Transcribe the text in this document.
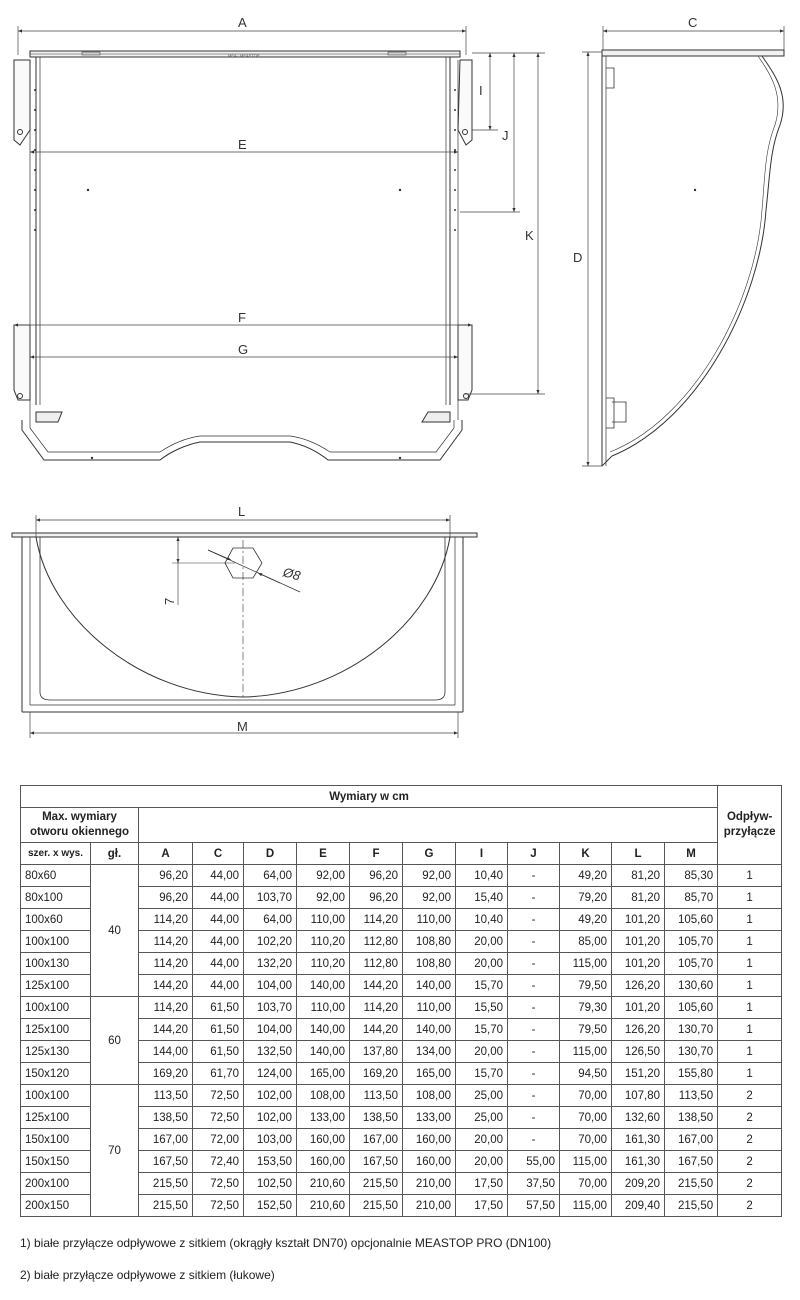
MEA · MEASTOP
A
E
F
G
I
J
K
C
D
L
M
7
Ø8
Wymiary w cm													Odpływ-przyłącze
Max. wymiary otworu okiennego													
szer. x wys.	gł.	A	C	D	E	F	G	I	J	K	L	M	
80x60	40	96,20	44,00	64,00	92,00	96,20	92,00	10,40	-	49,20	81,20	85,30	1
80x100		96,20	44,00	103,70	92,00	96,20	92,00	15,40	-	79,20	81,20	85,70	1
100x60		114,20	44,00	64,00	110,00	114,20	110,00	10,40	-	49,20	101,20	105,60	1
100x100		114,20	44,00	102,20	110,20	112,80	108,80	20,00	-	85,00	101,20	105,70	1
100x130		114,20	44,00	132,20	110,20	112,80	108,80	20,00	-	115,00	101,20	105,70	1
125x100		144,20	44,00	104,00	140,00	144,20	140,00	15,70	-	79,50	126,20	130,60	1
100x100	60	114,20	61,50	103,70	110,00	114,20	110,00	15,50	-	79,30	101,20	105,60	1
125x100		144,20	61,50	104,00	140,00	144,20	140,00	15,70	-	79,50	126,20	130,70	1
125x130		144,00	61,50	132,50	140,00	137,80	134,00	20,00	-	115,00	126,50	130,70	1
150x120		169,20	61,70	124,00	165,00	169,20	165,00	15,70	-	94,50	151,20	155,80	1
100x100	70	113,50	72,50	102,00	108,00	113,50	108,00	25,00	-	70,00	107,80	113,50	2
125x100		138,50	72,50	102,00	133,00	138,50	133,00	25,00	-	70,00	132,60	138,50	2
150x100		167,00	72,00	103,00	160,00	167,00	160,00	20,00	-	70,00	161,30	167,00	2
150x150		167,50	72,40	153,50	160,00	167,50	160,00	20,00	55,00	115,00	161,30	167,50	2
200x100		215,50	72,50	102,50	210,60	215,50	210,00	17,50	37,50	70,00	209,20	215,50	2
200x150		215,50	72,50	152,50	210,60	215,50	210,00	17,50	57,50	115,00	209,40	215,50	2

1) białe przyłącze odpływowe z sitkiem (okrągły kształt DN70) opcjonalnie MEASTOP PRO (DN100)

2) białe przyłącze odpływowe z sitkiem (łukowe)
